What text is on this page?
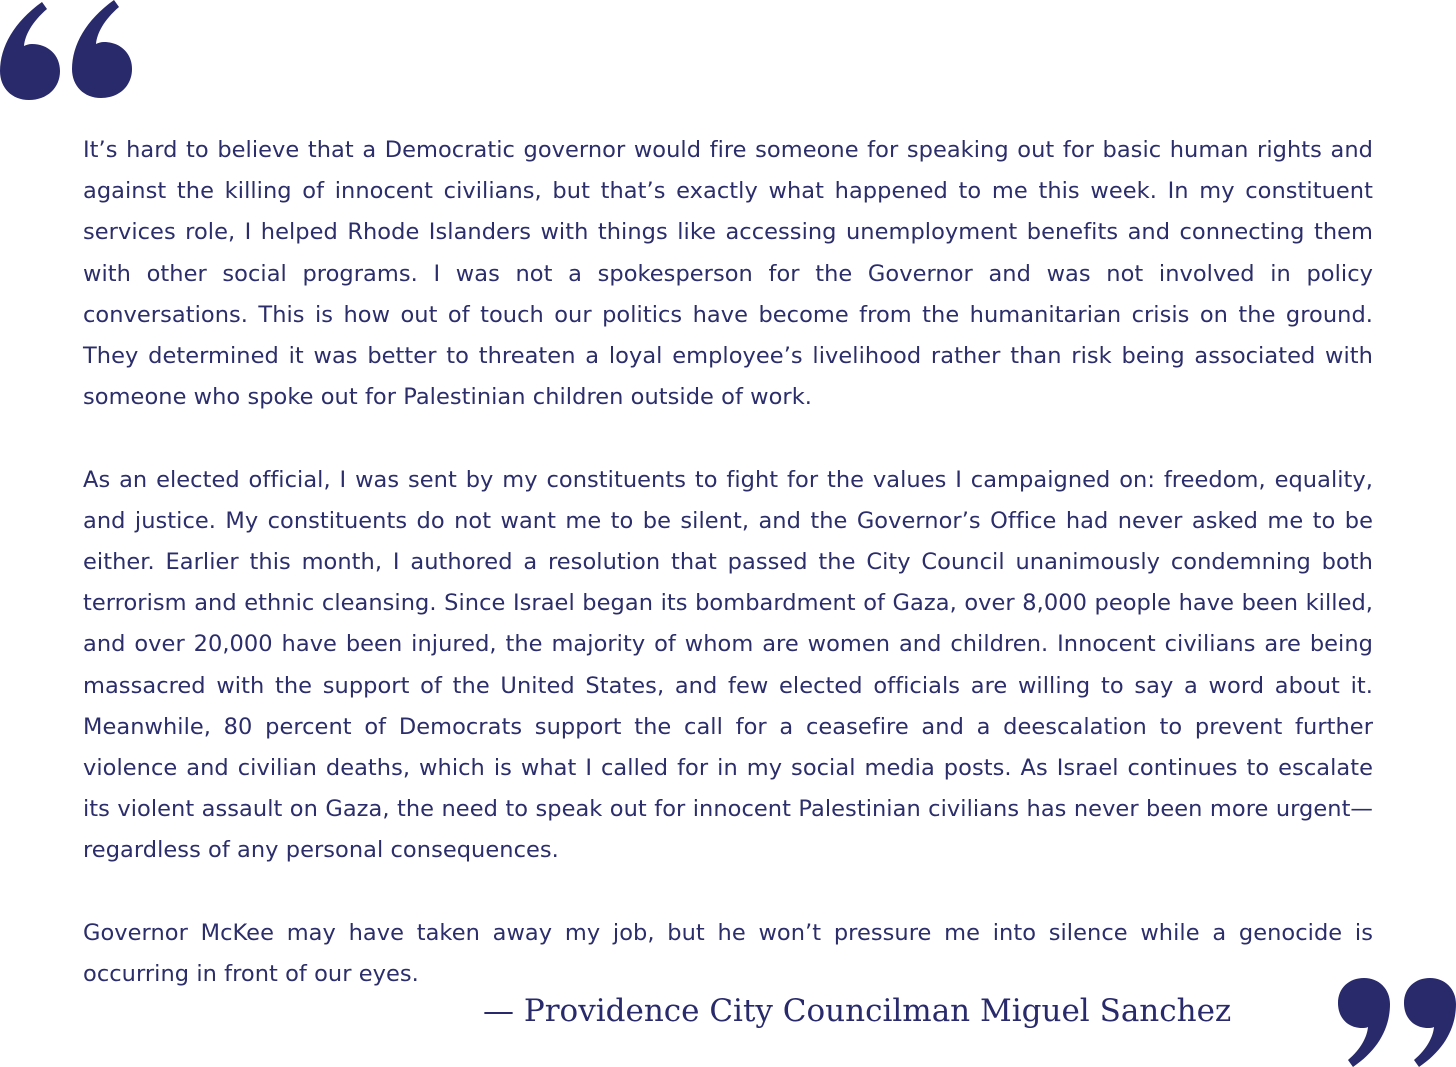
It’s hard to believe that a Democratic governor would fire someone for speaking out for basic human rights and against the killing of innocent civilians, but that’s exactly what happened to me this week. In my constituent services role, I helped Rhode Islanders with things like accessing unemployment benefits and connecting them with other social programs. I was not a spokesperson for the Governor and was not involved in policy conversations. This is how out of touch our politics have become from the humanitarian crisis on the ground. They determined it was better to threaten a loyal employee’s livelihood rather than risk being associated with someone who spoke out for Palestinian children outside of work.

As an elected official, I was sent by my constituents to fight for the values I campaigned on: freedom, equality, and justice. My constituents do not want me to be silent, and the Governor’s Office had never asked me to be either. Earlier this month, I authored a resolution that passed the City Council unanimously condemning both terrorism and ethnic cleansing. Since Israel began its bombardment of Gaza, over 8,000 people have been killed, and over 20,000 have been injured, the majority of whom are women and children. Innocent civilians are being massacred with the support of the United States, and few elected officials are willing to say a word about it. Meanwhile, 80 percent of Democrats support the call for a ceasefire and a deescalation to prevent further violence and civilian deaths, which is what I called for in my social media posts. As Israel continues to escalate its violent assault on Gaza, the need to speak out for innocent Palestinian civilians has never been more urgent—regardless of any personal consequences.

Governor McKee may have taken away my job, but he won’t pressure me into silence while a genocide is occurring in front of our eyes.

— Providence City Councilman Miguel Sanchez
